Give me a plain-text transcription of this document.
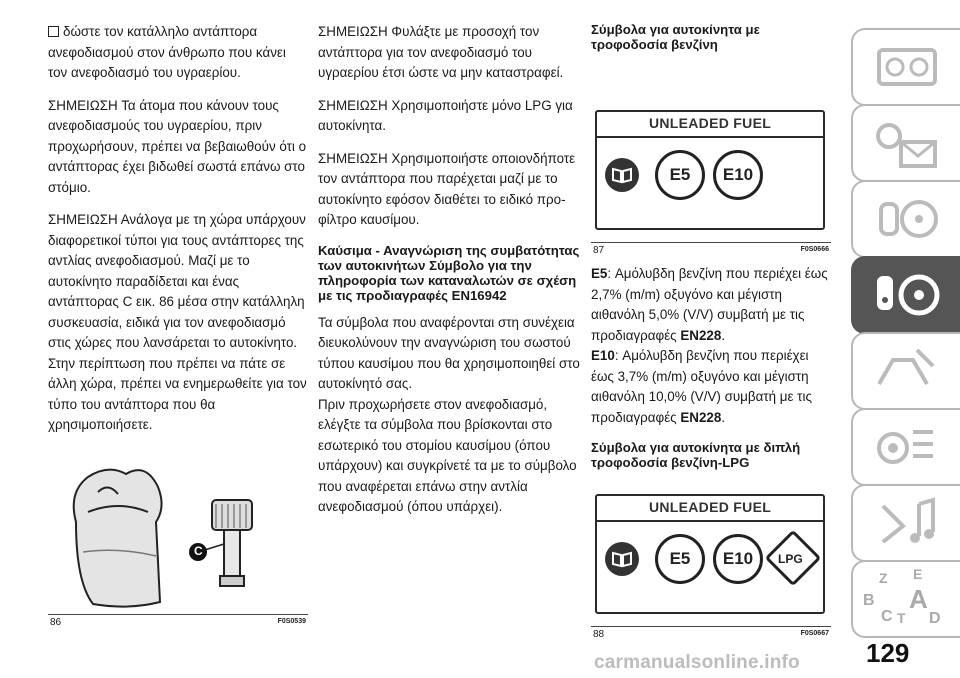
δώστε τον κατάλληλο αντάπτορα ανεφοδιασμού στον άνθρωπο που κάνει τον ανεφοδιασμό του υγραερίου.

ΣΗΜΕΙΩΣΗ Τα άτομα που κάνουν τους ανεφοδιασμούς του υγραερίου, πριν προχωρήσουν, πρέπει να βεβαιωθούν ότι ο αντάπτορας έχει βιδωθεί σωστά επάνω στο στόμιο.

ΣΗΜΕΙΩΣΗ Ανάλογα με τη χώρα υπάρχουν διαφορετικοί τύποι για τους αντάπτορες της αντλίας ανεφοδιασμού. Μαζί με το αυτοκίνητο παραδίδεται και ένας αντάπτορας C εικ. 86 μέσα στην κατάλληλη συσκευασία, ειδικά για τον ανεφοδιασμό στις χώρες που λανσάρεται το αυτοκίνητο. Στην περίπτωση που πρέπει να πάτε σε άλλη χώρα, πρέπει να ενημερωθείτε για τον τύπο του αντάπτορα που θα χρησιμοποιήσετε.

C
86	F0S0539

ΣΗΜΕΙΩΣΗ Φυλάξτε με προσοχή τον αντάπτορα για τον ανεφοδιασμό του υγραερίου έτσι ώστε να μην καταστραφεί.

ΣΗΜΕΙΩΣΗ Χρησιμοποιήστε μόνο LPG για αυτοκίνητα.

ΣΗΜΕΙΩΣΗ Χρησιμοποιήστε οποιονδήποτε τον αντάπτορα που παρέχεται μαζί με το αυτοκίνητο εφόσον διαθέτει το ειδικό προ-φίλτρο καυσίμου.

Καύσιμα - Αναγνώριση της συμβατότητας των αυτοκινήτων Σύμβολο για την πληροφορία των καταναλωτών σε σχέση με τις προδιαγραφές EN16942

Τα σύμβολα που αναφέρονται στη συνέχεια διευκολύνουν την αναγνώριση του σωστού τύπου καυσίμου που θα χρησιμοποιηθεί στο αυτοκίνητό σας.

Πριν προχωρήσετε στον ανεφοδιασμό, ελέγξτε τα σύμβολα που βρίσκονται στο εσωτερικό του στομίου καυσίμου (όπου υπάρχουν) και συγκρίνετέ τα με το σύμβολο που αναφέρεται επάνω στην αντλία ανεφοδιασμού (όπου υπάρχει).

Σύμβολα για αυτοκίνητα με τροφοδοσία βενζίνη

UNLEADED FUEL
E5	E10
87	F0S0666

E5: Αμόλυβδη βενζίνη που περιέχει έως 2,7% (m/m) οξυγόνο και μέγιστη αιθανόλη 5,0% (V/V) συμβατή με τις προδιαγραφές EN228.

E10: Αμόλυβδη βενζίνη που περιέχει έως 3,7% (m/m) οξυγόνο και μέγιστη αιθανόλη 10,0% (V/V) συμβατή με τις προδιαγραφές EN228.

Σύμβολα για αυτοκίνητα με διπλή τροφοδοσία βενζίνη-LPG

UNLEADED FUEL
E5	E10	LPG
88	F0S0667
Z E
B A
C T D
129
carmanualsonline.info
